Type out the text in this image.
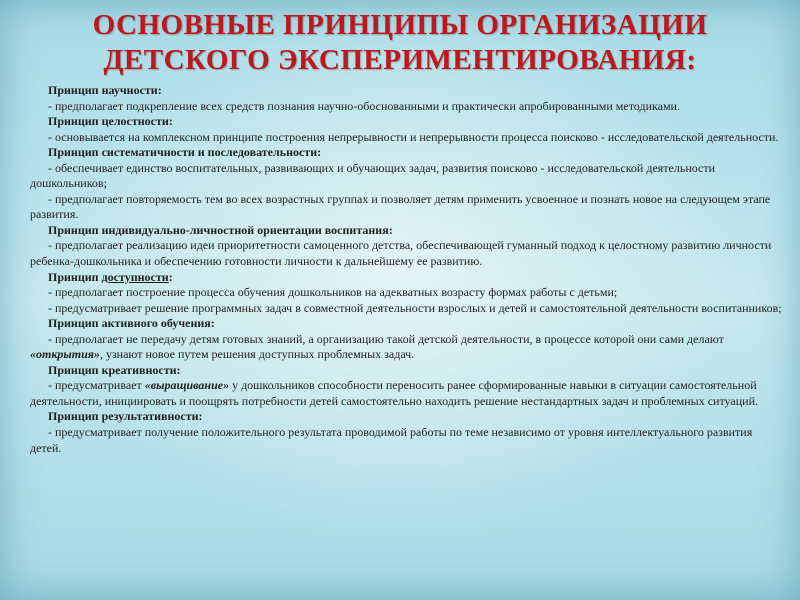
ОСНОВНЫЕ ПРИНЦИПЫ ОРГАНИЗАЦИИ
ДЕТСКОГО ЭКСПЕРИМЕНТИРОВАНИЯ:

Принцип научности:

- предполагает подкрепление всех средств познания научно-обоснованными и практически апробированными методиками.

Принцип целостности:

- основывается на комплексном принципе построения непрерывности и непрерывности процесса поисково - исследовательской деятельности.

Принцип систематичности и последовательности:

- обеспечивает единство воспитательных, развивающих и обучающих задач, развития поисково - исследовательской деятельности дошкольников;

- предполагает повторяемость тем во всех возрастных группах и позволяет детям применить усвоенное и познать новое на следующем этапе развития.

Принцип индивидуально-личностной ориентации воспитания:

- предполагает реализацию идеи приоритетности самоценного детства, обеспечивающей гуманный подход к целостному развитию личности ребенка-дошкольника и обеспечению готовности личности к дальнейшему ее развитию.

Принцип доступности:

- предполагает построение процесса обучения дошкольников на адекватных возрасту формах работы с детьми;

- предусматривает решение программных задач в совместной деятельности взрослых и детей и самостоятельной деятельности воспитанников;

Принцип активного обучения:

- предполагает не передачу детям готовых знаний, а организацию такой детской деятельности, в процессе которой они сами делают «открытия», узнают новое путем решения доступных проблемных задач.

Принцип креативности:

- предусматривает «выращивание» у дошкольников способности переносить ранее сформированные навыки в ситуации самостоятельной деятельности, инициировать и поощрять потребности детей самостоятельно находить решение нестандартных задач и проблемных ситуаций.

Принцип результативности:

- предусматривает получение положительного результата проводимой работы по теме независимо от уровня интеллектуального развития детей.
